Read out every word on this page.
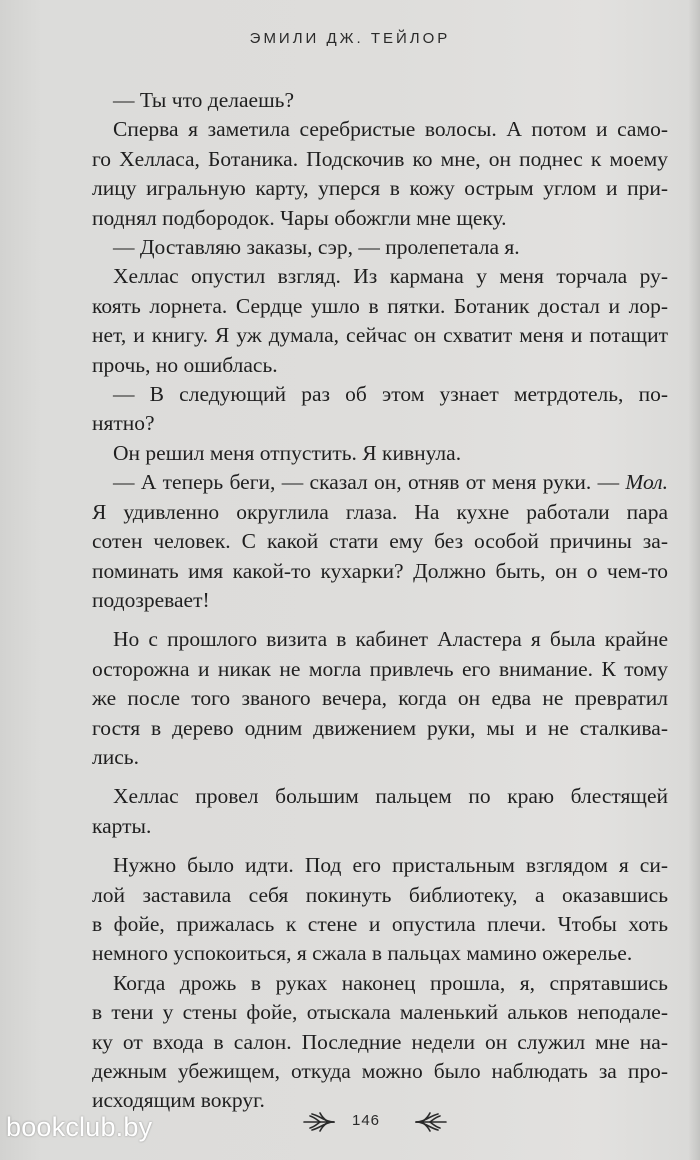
ЭМИЛИ ДЖ. ТЕЙЛОР
— Ты что делаешь?
Сперва я заметила серебристые волосы. А потом и само-
го Хелласа, Ботаника. Подскочив ко мне, он поднес к моему
лицу игральную карту, уперся в кожу острым углом и при-
поднял подбородок. Чары обожгли мне щеку.
— Доставляю заказы, сэр, — пролепетала я.
Хеллас опустил взгляд. Из кармана у меня торчала ру-
коять лорнета. Сердце ушло в пятки. Ботаник достал и лор-
нет, и книгу. Я уж думала, сейчас он схватит меня и потащит
прочь, но ошиблась.
— В следующий раз об этом узнает метрдотель, по-
нятно?
Он решил меня отпустить. Я кивнула.
— А теперь беги, — сказал он, отняв от меня руки. — Мол.
Я удивленно округлила глаза. На кухне работали пара
сотен человек. С какой стати ему без особой причины за-
поминать имя какой-то кухарки? Должно быть, он о чем-то
подозревает!
Но с прошлого визита в кабинет Аластера я была крайне
осторожна и никак не могла привлечь его внимание. К тому
же после того званого вечера, когда он едва не превратил
гостя в дерево одним движением руки, мы и не сталкива-
лись.
Хеллас провел большим пальцем по краю блестящей
карты.
Нужно было идти. Под его пристальным взглядом я си-
лой заставила себя покинуть библиотеку, а оказавшись
в фойе, прижалась к стене и опустила плечи. Чтобы хоть
немного успокоиться, я сжала в пальцах мамино ожерелье.
Когда дрожь в руках наконец прошла, я, спрятавшись
в тени у стены фойе, отыскала маленький альков неподале-
ку от входа в салон. Последние недели он служил мне на-
дежным убежищем, откуда можно было наблюдать за про-
исходящим вокруг.
146
bookclub.by
